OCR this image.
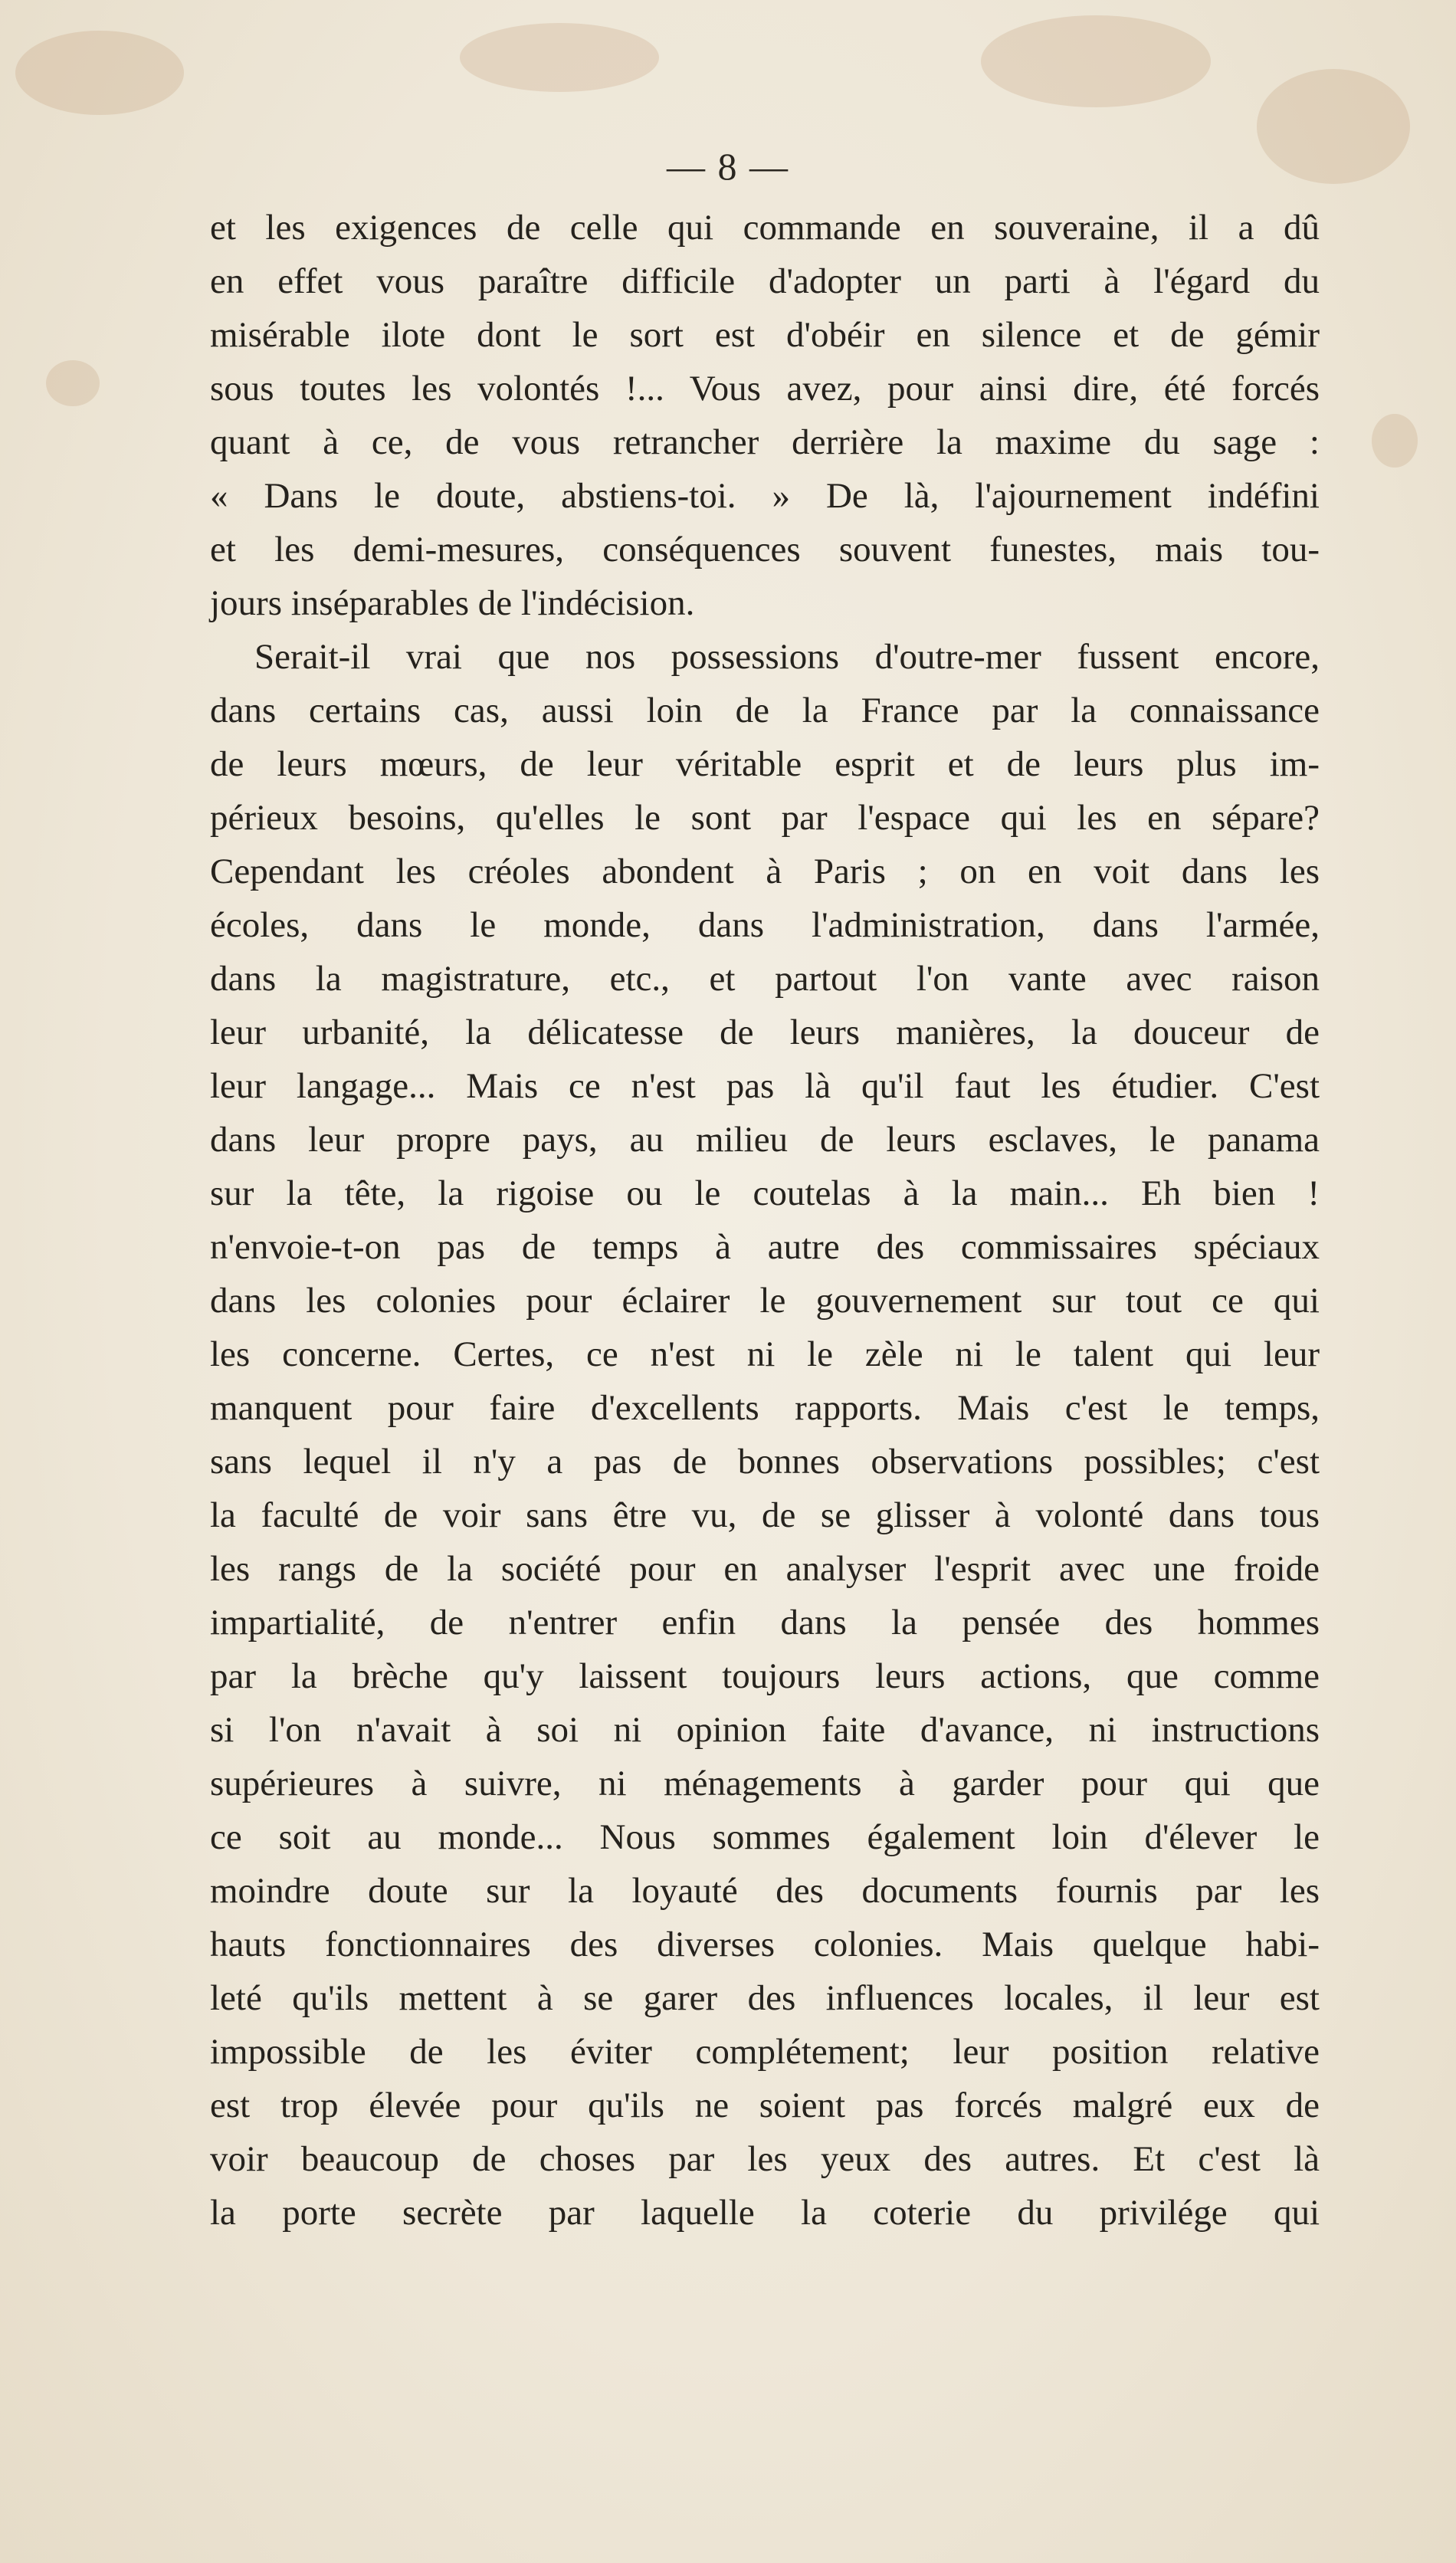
— 8 —
et les exigences de celle qui commande en souveraine, il a dû
en effet vous paraître difficile d'adopter un parti à l'égard du
misérable ilote dont le sort est d'obéir en silence et de gémir
sous toutes les volontés !... Vous avez, pour ainsi dire, été forcés
quant à ce, de vous retrancher derrière la maxime du sage :
« Dans le doute, abstiens-toi. » De là, l'ajournement indéfini
et les demi-mesures, conséquences souvent funestes, mais tou-
jours inséparables de l'indécision.
Serait-il vrai que nos possessions d'outre-mer fussent encore,
dans certains cas, aussi loin de la France par la connaissance
de leurs mœurs, de leur véritable esprit et de leurs plus im-
périeux besoins, qu'elles le sont par l'espace qui les en sépare?
Cependant les créoles abondent à Paris ; on en voit dans les
écoles, dans le monde, dans l'administration, dans l'armée,
dans la magistrature, etc., et partout l'on vante avec raison
leur urbanité, la délicatesse de leurs manières, la douceur de
leur langage... Mais ce n'est pas là qu'il faut les étudier. C'est
dans leur propre pays, au milieu de leurs esclaves, le panama
sur la tête, la rigoise ou le coutelas à la main... Eh bien !
n'envoie-t-on pas de temps à autre des commissaires spéciaux
dans les colonies pour éclairer le gouvernement sur tout ce qui
les concerne. Certes, ce n'est ni le zèle ni le talent qui leur
manquent pour faire d'excellents rapports. Mais c'est le temps,
sans lequel il n'y a pas de bonnes observations possibles; c'est
la faculté de voir sans être vu, de se glisser à volonté dans tous
les rangs de la société pour en analyser l'esprit avec une froide
impartialité, de n'entrer enfin dans la pensée des hommes
par la brèche qu'y laissent toujours leurs actions, que comme
si l'on n'avait à soi ni opinion faite d'avance, ni instructions
supérieures à suivre, ni ménagements à garder pour qui que
ce soit au monde... Nous sommes également loin d'élever le
moindre doute sur la loyauté des documents fournis par les
hauts fonctionnaires des diverses colonies. Mais quelque habi-
leté qu'ils mettent à se garer des influences locales, il leur est
impossible de les éviter complétement; leur position relative
est trop élevée pour qu'ils ne soient pas forcés malgré eux de
voir beaucoup de choses par les yeux des autres. Et c'est là
la porte secrète par laquelle la coterie du privilége qui
